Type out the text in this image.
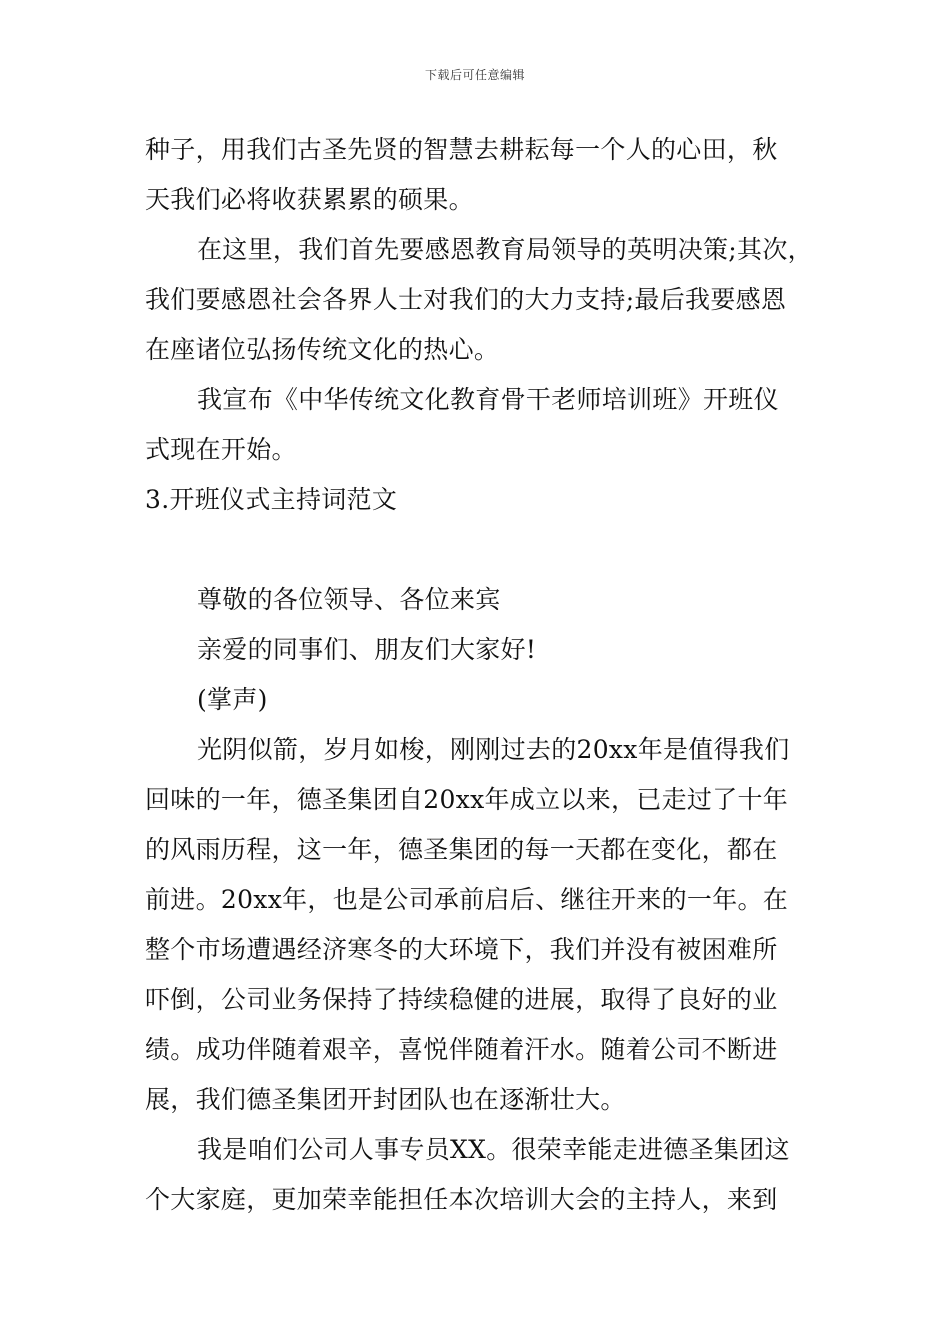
下载后可任意编辑
种子，用我们古圣先贤的智慧去耕耘每一个人的心田，秋
天我们必将收获累累的硕果。
在这里，我们首先要感恩教育局领导的英明决策;其次，
我们要感恩社会各界人士对我们的大力支持;最后我要感恩
在座诸位弘扬传统文化的热心。
我宣布《中华传统文化教育骨干老师培训班》开班仪
式现在开始。
3.开班仪式主持词范文
尊敬的各位领导、各位来宾
亲爱的同事们、朋友们大家好!
(掌声)
光阴似箭，岁月如梭，刚刚过去的20xx年是值得我们
回味的一年，德圣集团自20xx年成立以来，已走过了十年
的风雨历程，这一年，德圣集团的每一天都在变化，都在
前进。20xx年，也是公司承前启后、继往开来的一年。在
整个市场遭遇经济寒冬的大环境下，我们并没有被困难所
吓倒，公司业务保持了持续稳健的进展，取得了良好的业
绩。成功伴随着艰辛，喜悦伴随着汗水。随着公司不断进
展，我们德圣集团开封团队也在逐渐壮大。
我是咱们公司人事专员XX。很荣幸能走进德圣集团这
个大家庭，更加荣幸能担任本次培训大会的主持人，来到
